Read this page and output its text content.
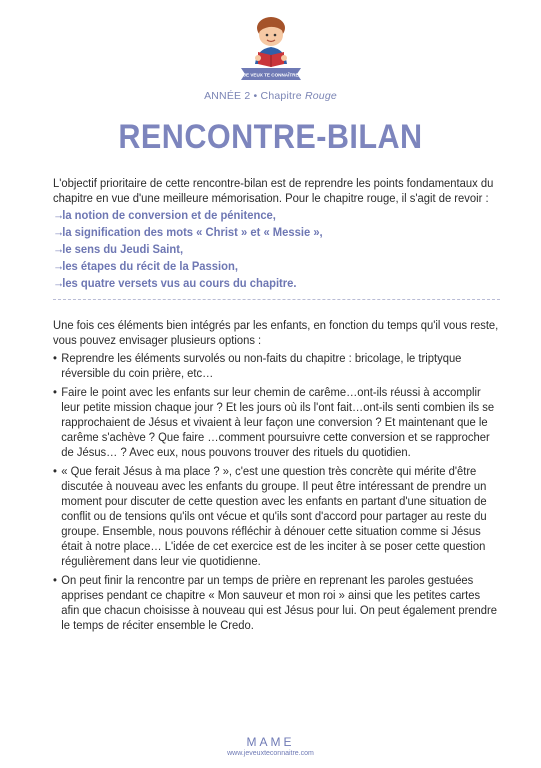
JE VEUX TE CONNAÎTRE
ANNÉE 2 • Chapitre Rouge
RENCONTRE-BILAN

L'objectif prioritaire de cette rencontre-bilan est de reprendre les points fondamentaux du chapitre en vue d'une meilleure mémorisation. Pour le chapitre rouge, il s'agit de revoir :

→la notion de conversion et de pénitence,
→la signification des mots « Christ » et « Messie »,
→le sens du Jeudi Saint,
→les étapes du récit de la Passion,
→les quatre versets vus au cours du chapitre.

Une fois ces éléments bien intégrés par les enfants, en fonction du temps qu'il vous reste, vous pouvez envisager plusieurs options :

• Reprendre les éléments survolés ou non-faits du chapitre : bricolage, le triptyque réversible du coin prière, etc…
• Faire le point avec les enfants sur leur chemin de carême…ont-ils réussi à accomplir leur petite mission chaque jour ? Et les jours où ils l'ont fait…ont-ils senti combien ils se rapprochaient de Jésus et vivaient à leur façon une conversion ? Et maintenant que le carême s'achève ? Que faire …comment poursuivre cette conversion et se rapprocher de Jésus… ? Avec eux, nous pouvons trouver des rituels du quotidien.
• « Que ferait Jésus à ma place ? », c'est une question très concrète qui mérite d'être discutée à nouveau avec les enfants du groupe. Il peut être intéressant de prendre un moment pour discuter de cette question avec les enfants en partant d'une situation de conflit ou de tensions qu'ils ont vécue et qu'ils sont d'accord pour partager au reste du groupe. Ensemble, nous pouvons réfléchir à dénouer cette situation comme si Jésus était à notre place… L'idée de cet exercice est de les inciter à se poser cette question régulièrement dans leur vie quotidienne.
• On peut finir la rencontre par un temps de prière en reprenant les paroles gestuées apprises pendant ce chapitre « Mon sauveur et mon roi » ainsi que les petites cartes afin que chacun choisisse à nouveau qui est Jésus pour lui. On peut également prendre le temps de réciter ensemble le Credo.
MAME
www.jeveuxteconnaitre.com
